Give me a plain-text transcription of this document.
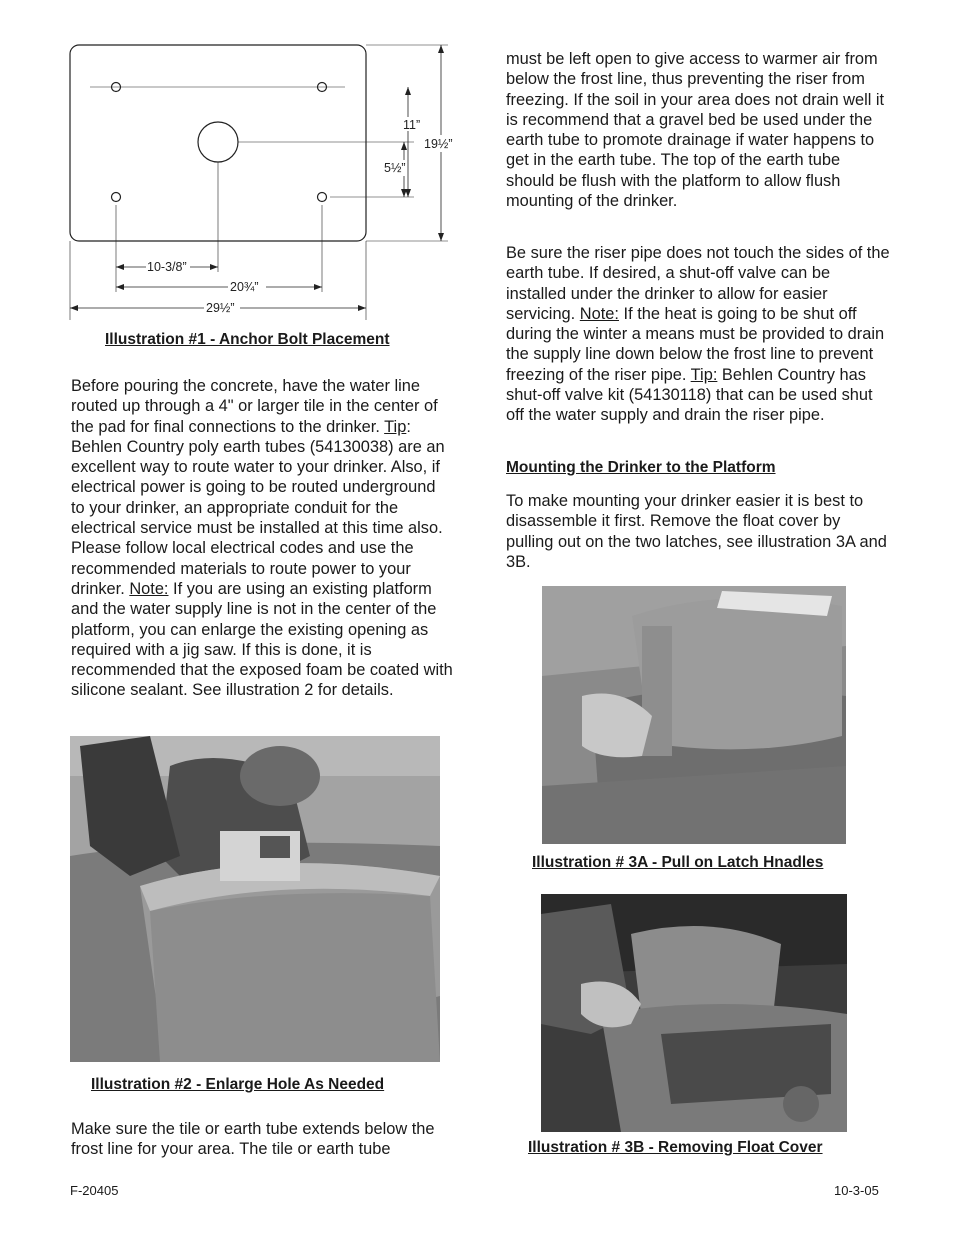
11”
19½”
5½”
10-3/8”
20¾”
29½”

Illustration #1 - Anchor Bolt Placement

Before pouring the concrete, have the water line routed up through a 4" or larger tile in the center of the pad for final connections to the drinker. Tip: Behlen Country poly earth tubes (54130038) are an excellent way to route water to your drinker. Also, if electrical power is going to be routed underground to your drinker, an appropriate conduit for the electrical service must be installed at this time also. Please follow local electrical codes and use the recommended materials to route power to your drinker. Note: If you are using an existing platform and the water supply line is not in the center of the platform, you can enlarge the existing opening as required with a jig saw. If this is done, it is recommended that the exposed foam be coated with silicone sealant. See illustration 2 for details.

Illustration #2 - Enlarge Hole As Needed

Make sure the tile or earth tube extends below the frost line for your area. The tile or earth tube

must be left open to give access to warmer air from below the frost line, thus preventing the riser from freezing. If the soil in your area does not drain well it is recommend that a gravel bed be used under the earth tube to promote drainage if water happens to get in the earth tube. The top of the earth tube should be flush with the platform to allow flush mounting of the drinker.

Be sure the riser pipe does not touch the sides of the earth tube. If desired, a shut-off valve can be installed under the drinker to allow for easier servicing. Note: If the heat is going to be shut off during the winter a means must be provided to drain the supply line down below the frost line to prevent freezing of the riser pipe. Tip: Behlen Country has shut-off valve kit (54130118) that can be used shut off the water supply and drain the riser pipe.

Mounting the Drinker to the Platform

To make mounting your drinker easier it is best to disassemble it first. Remove the float cover by pulling out on the two latches, see illustration 3A and 3B.

Illustration # 3A - Pull on Latch Hnadles

Illustration # 3B - Removing Float Cover

F-20405	10-3-05
